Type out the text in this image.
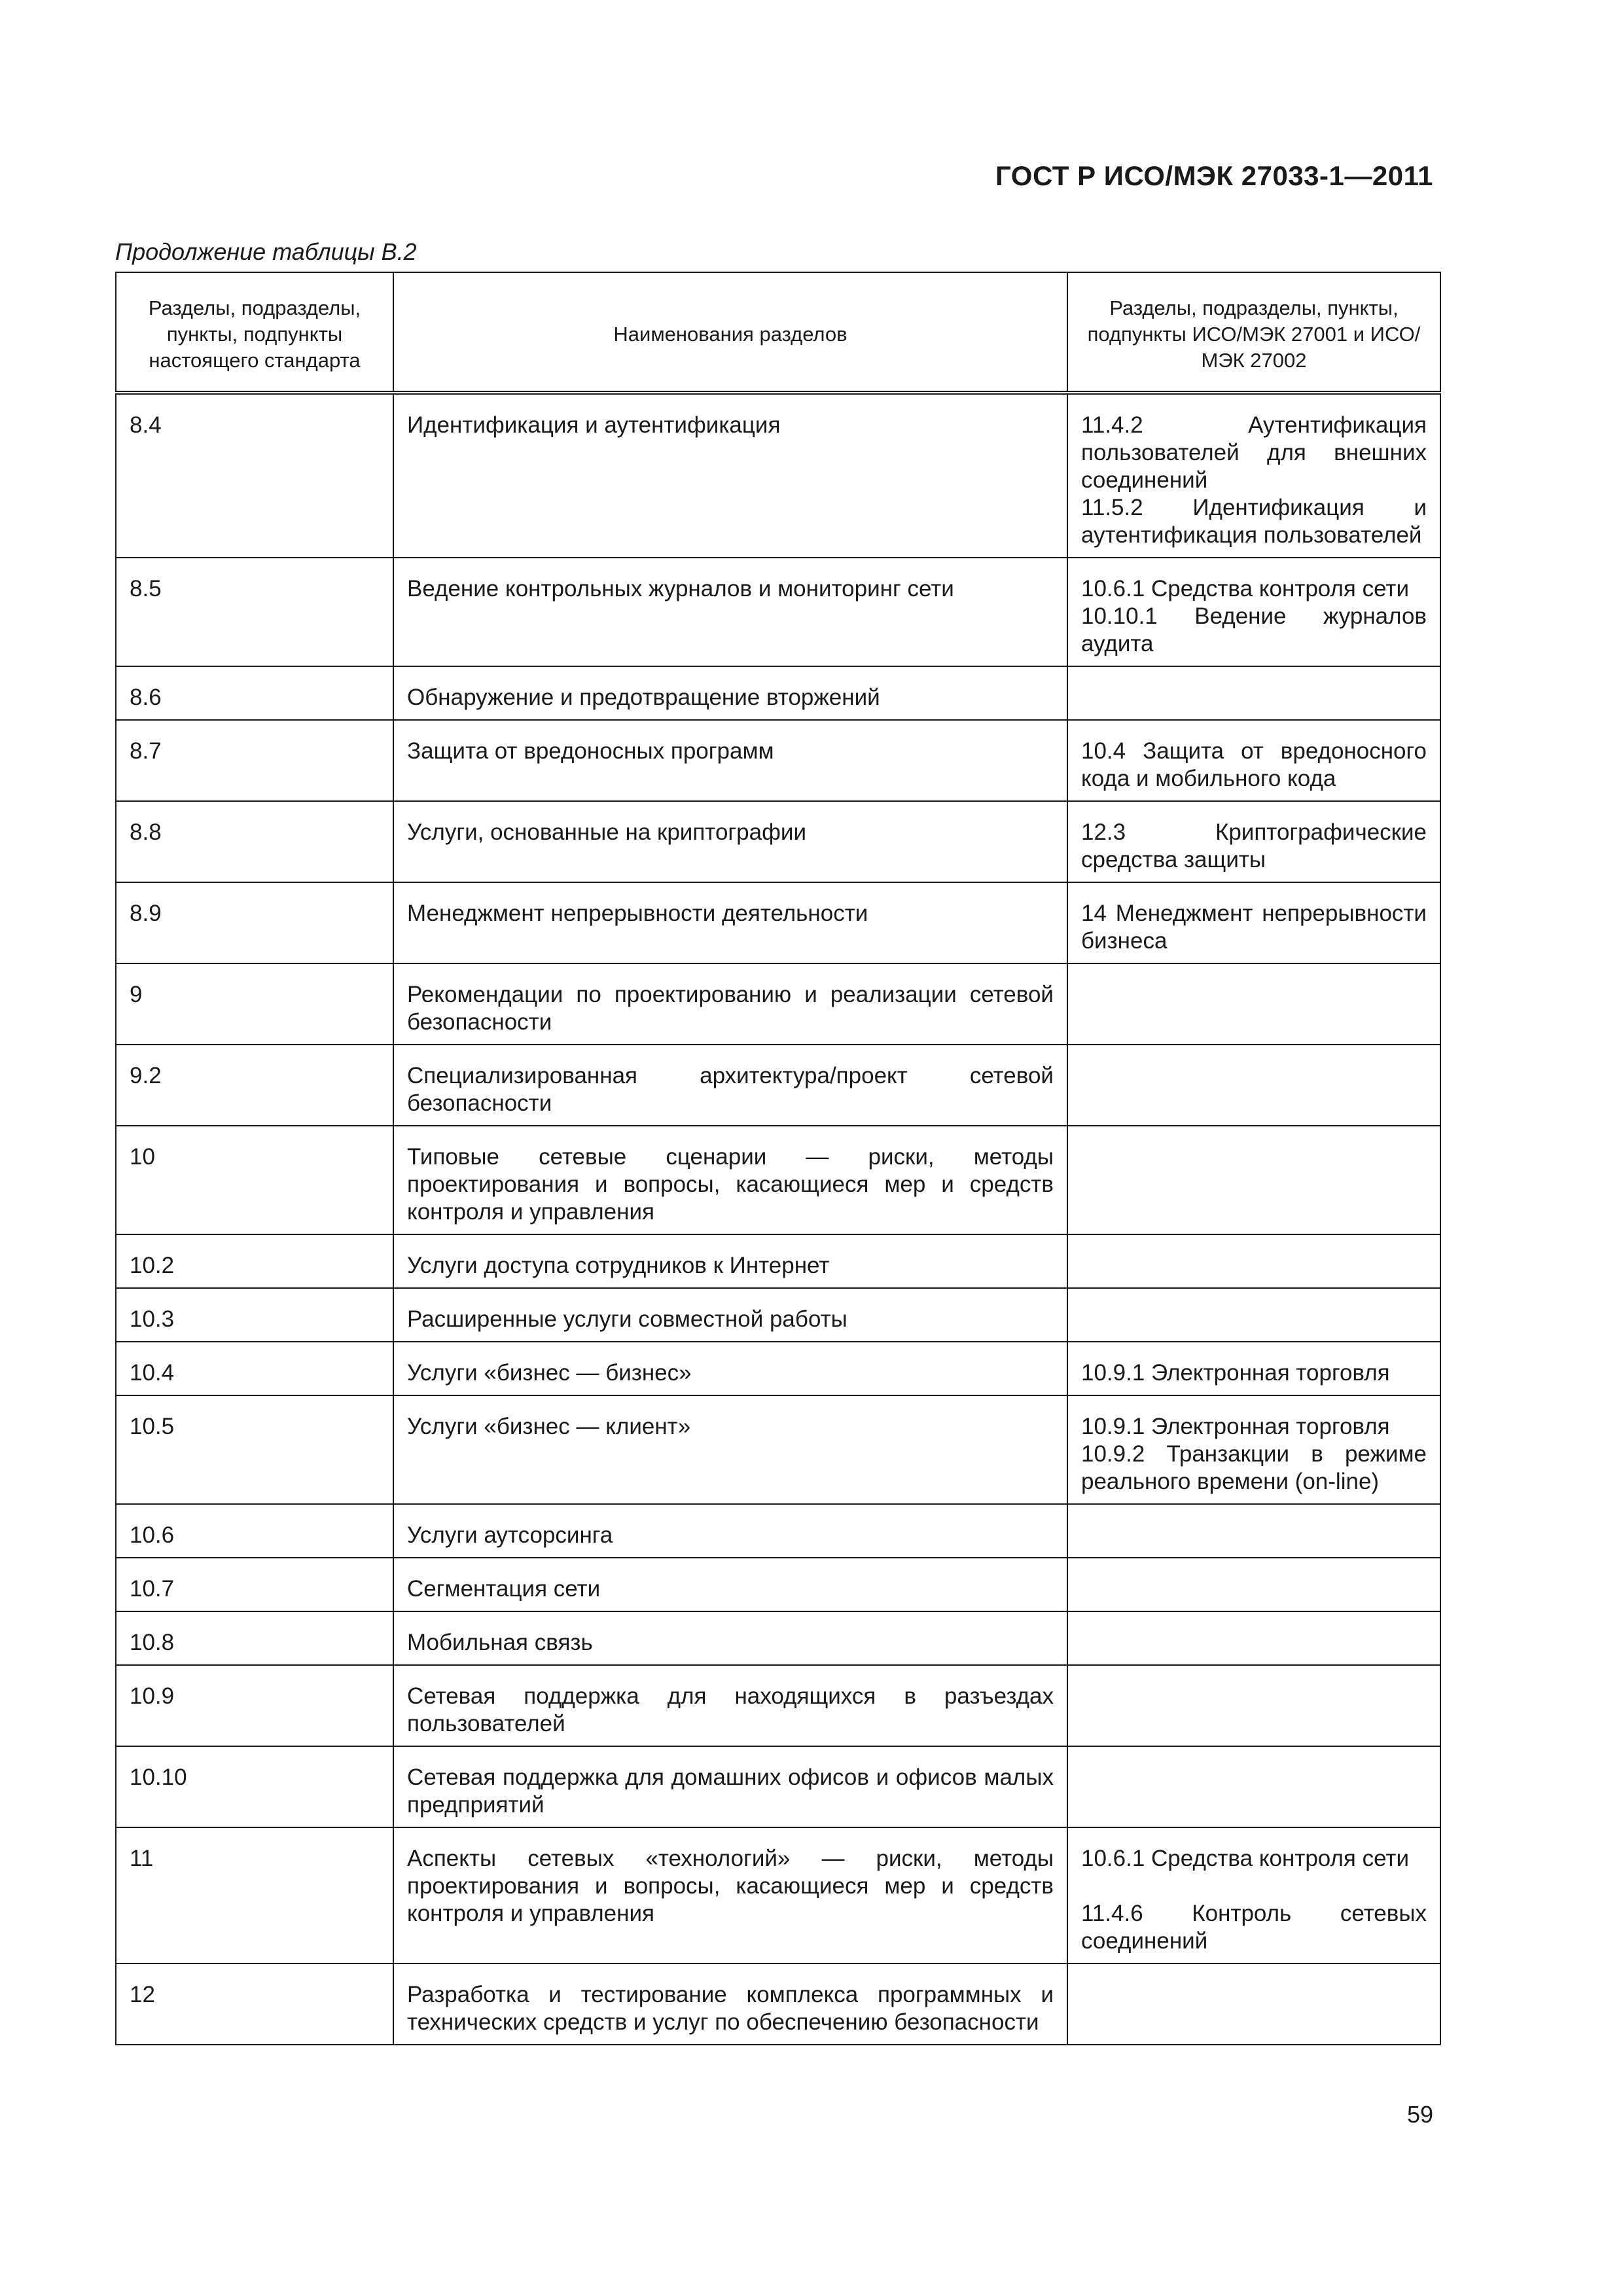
ГОСТ Р ИСО/МЭК 27033-1—2011
Продолжение таблицы В.2
Разделы, подразделы, пункты, подпункты настоящего стандарта	Наименования разделов	Разделы, подразделы, пункты, подпункты ИСО/МЭК 27001 и ИСО/МЭК 27002
8.4	Идентификация и аутентификация	11.4.2 Аутентификация пользователей для внешних соединений
11.5.2 Идентификация и аутентификация пользователей

8.5	Ведение контрольных журналов и мониторинг сети	10.6.1 Средства контроля сети
10.10.1 Ведение журналов аудита

8.6	Обнаружение и предотвращение вторжений	
8.7	Защита от вредоносных программ	10.4 Защита от вредоносного кода и мобильного кода

8.8	Услуги, основанные на криптографии	12.3 Криптографические средства защиты

8.9	Менеджмент непрерывности деятельности	14 Менеджмент непрерывности бизнеса

9	Рекомендации по проектированию и реализации сетевой безопасности	
9.2	Специализированная архитектура/проект сетевой безопасности	
10	Типовые сетевые сценарии — риски, методы проектирования и вопросы, касающиеся мер и средств контроля и управления	
10.2	Услуги доступа сотрудников к Интернет	
10.3	Расширенные услуги совместной работы	
10.4	Услуги «бизнес — бизнес»	10.9.1 Электронная торговля

10.5	Услуги «бизнес — клиент»	10.9.1 Электронная торговля
10.9.2 Транзакции в режиме реального времени (on-line)

10.6	Услуги аутсорсинга	
10.7	Сегментация сети	
10.8	Мобильная связь	
10.9	Сетевая поддержка для находящихся в разъездах пользователей	
10.10	Сетевая поддержка для домашних офисов и офисов малых предприятий	
11	Аспекты сетевых «технологий» — риски, методы проектирования и вопросы, касающиеся мер и средств контроля и управления	10.6.1 Средства контроля сети
11.4.6 Контроль сетевых соединений

12	Разработка и тестирование комплекса программных и технических средств и услуг по обеспечению безопасности	
59
